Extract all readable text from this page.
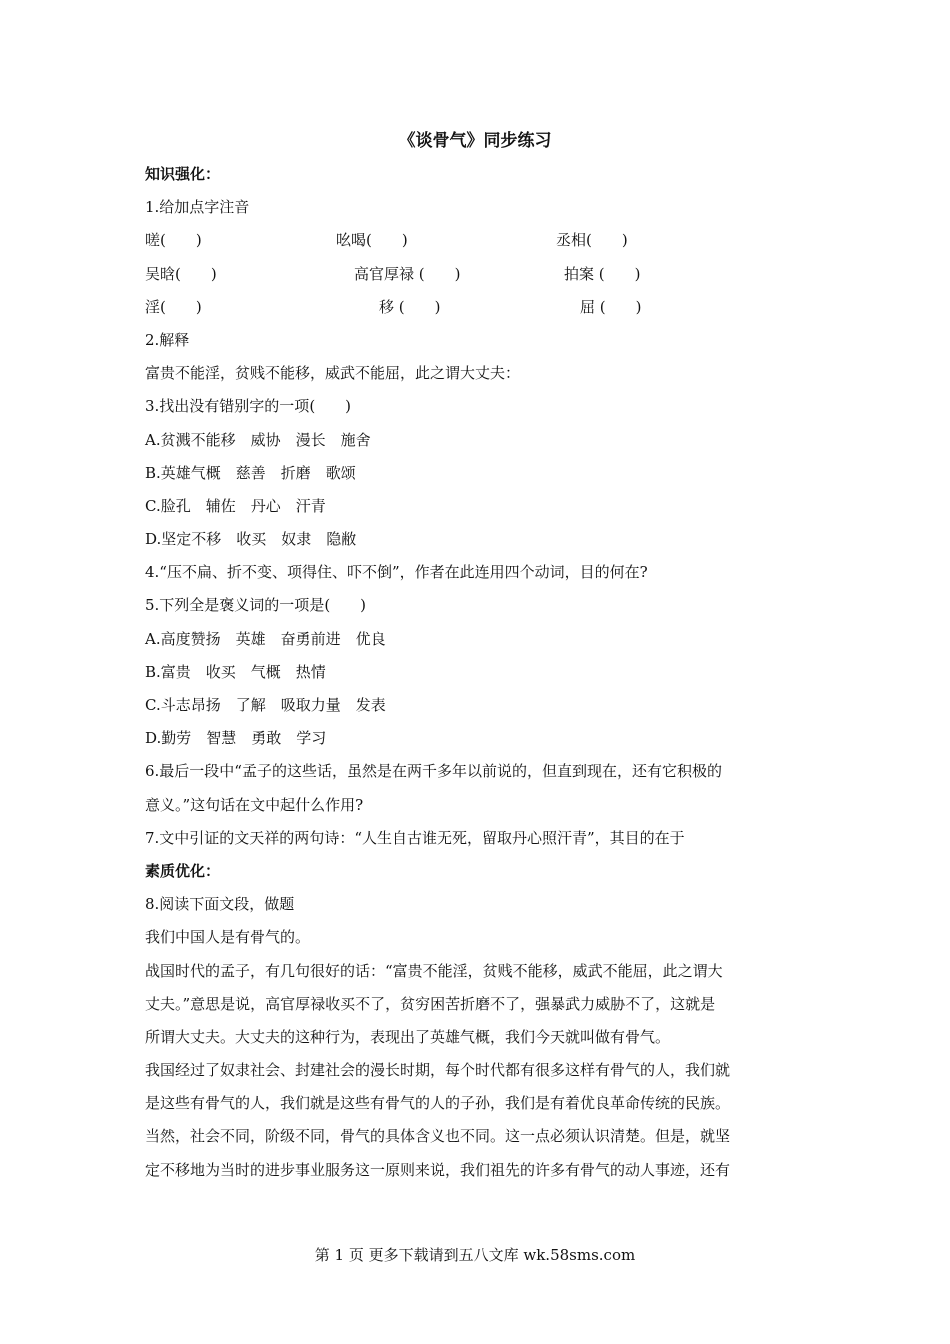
《谈骨气》同步练习
知识强化：
1.给加点字注音
嗟(　　)	吆喝(　　)	丞相(　　)
吴晗(　　)	高官厚禄 (　　)	拍案 (　　)
淫(　　)	移 (　　)	屈 (　　)
2.解释
富贵不能淫，贫贱不能移，威武不能屈，此之谓大丈夫：
3.找出没有错别字的一项(　　)
A.贫溅不能移　威协　漫长　施舍
B.英雄气概　慈善　折磨　歌颂
C.脸孔　辅佐　丹心　汗青
D.坚定不移　收买　奴隶　隐敝
4.“压不扁、折不变、项得住、吓不倒”，作者在此连用四个动词，目的何在?
5.下列全是褒义词的一项是(　　)
A.高度赞扬　英雄　奋勇前进　优良
B.富贵　收买　气概　热情
C.斗志昂扬　了解　吸取力量　发表
D.勤劳　智慧　勇敢　学习
6.最后一段中“孟子的这些话，虽然是在两千多年以前说的，但直到现在，还有它积极的
意义。”这句话在文中起什么作用?
7.文中引证的文天祥的两句诗：“人生自古谁无死，留取丹心照汗青”，其目的在于
素质优化：
8.阅读下面文段，做题
我们中国人是有骨气的。
战国时代的孟子，有几句很好的话：“富贵不能淫，贫贱不能移，威武不能屈，此之谓大
丈夫。”意思是说，高官厚禄收买不了，贫穷困苦折磨不了，强暴武力威胁不了，这就是
所谓大丈夫。大丈夫的这种行为，表现出了英雄气概，我们今天就叫做有骨气。
我国经过了奴隶社会、封建社会的漫长时期，每个时代都有很多这样有骨气的人，我们就
是这些有骨气的人，我们就是这些有骨气的人的子孙，我们是有着优良革命传统的民族。
当然，社会不同，阶级不同，骨气的具体含义也不同。这一点必须认识清楚。但是，就坚
定不移地为当时的进步事业服务这一原则来说，我们祖先的许多有骨气的动人事迹，还有
第 1 页 更多下载请到五八文库 wk.58sms.com
